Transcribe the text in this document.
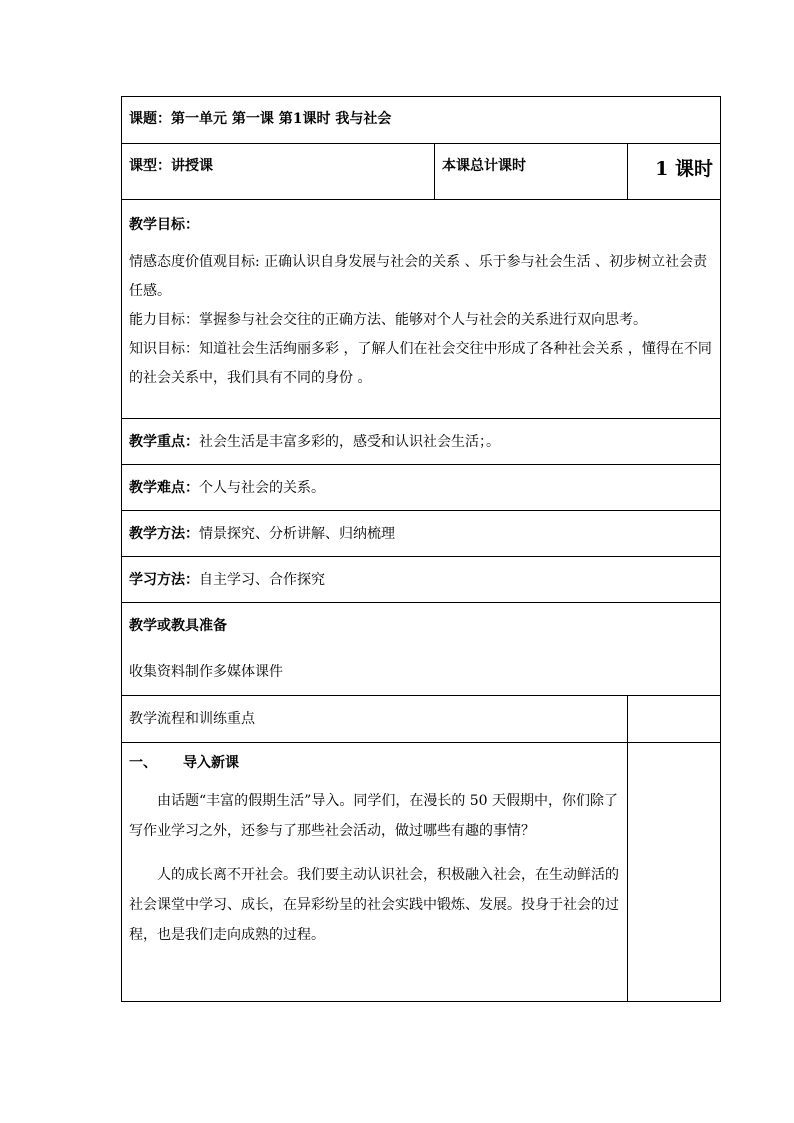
课题：第一单元 第一课 第1课时 我与社会		
课型：讲授课	本课总计课时	1 课时

教学目标：

情感态度价值观目标: 正确认识自身发展与社会的关系 、乐于参与社会生活 、初步树立社会责任感。

能力目标：掌握参与社会交往的正确方法、能够对个人与社会的关系进行双向思考。

知识目标：知道社会生活绚丽多彩 ，了解人们在社会交往中形成了各种社会关系 ，懂得在不同的社会关系中，我们具有不同的身份 。		

教学重点：社会生活是丰富多彩的，感受和认识社会生活；。		
教学难点：个人与社会的关系。		
教学方法：情景探究、分析讲解、归纳梳理		
学习方法：自主学习、合作探究		

教学或教具准备
收集资料制作多媒体课件		

教学流程和训练重点		

一、 导入新课

由话题“丰富的假期生活”导入。同学们，在漫长的 50 天假期中，你们除了写作业学习之外，还参与了那些社会活动，做过哪些有趣的事情？

人的成长离不开社会。我们要主动认识社会，积极融入社会，在生动鲜活的社会课堂中学习、成长，在异彩纷呈的社会实践中锻炼、发展。投身于社会的过程，也是我们走向成熟的过程。		
